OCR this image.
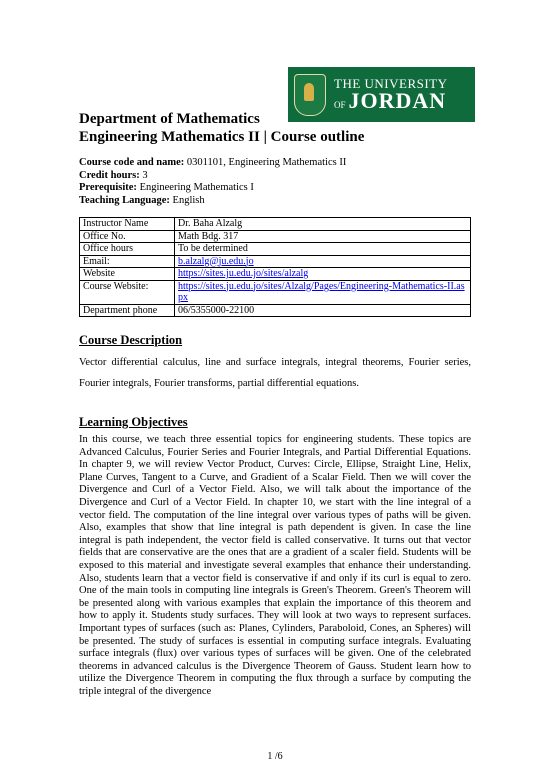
THE UNIVERSITY
OF JORDAN
Department of Mathematics
Engineering Mathematics II | Course outline
Course code and name: 0301101, Engineering Mathematics II
Credit hours: 3
Prerequisite: Engineering Mathematics I
Teaching Language: English
Instructor Name	Dr. Baha Alzalg
Office No.	Math Bdg. 317
Office hours	To be determined
Email:	b.alzalg@ju.edu.jo
Website	https://sites.ju.edu.jo/sites/alzalg
Course Website:	https://sites.ju.edu.jo/sites/Alzalg/Pages/Engineering-Mathematics-II.aspx
Department phone	06/5355000-22100
Course Description
Vector differential calculus, line and surface integrals, integral theorems, Fourier series, Fourier integrals, Fourier transforms, partial differential equations.
Learning Objectives
In this course, we teach three essential topics for engineering students. These topics are Advanced Calculus, Fourier Series and Fourier Integrals, and Partial Differential Equations. In chapter 9, we will review Vector Product, Curves: Circle, Ellipse, Straight Line, Helix, Plane Curves, Tangent to a Curve, and Gradient of a Scalar Field. Then we will cover the Divergence and Curl of a Vector Field. Also, we will talk about the importance of the Divergence and Curl of a Vector Field. In chapter 10, we start with the line integral of a vector field. The computation of the line integral over various types of paths will be given. Also, examples that show that line integral is path dependent is given. In case the line integral is path independent, the vector field is called conservative. It turns out that vector fields that are conservative are the ones that are a gradient of a scaler field. Students will be exposed to this material and investigate several examples that enhance their understanding. Also, students learn that a vector field is conservative if and only if its curl is equal to zero. One of the main tools in computing line integrals is Green's Theorem. Green's Theorem will be presented along with various examples that explain the importance of this theorem and how to apply it. Students study surfaces. They will look at two ways to represent surfaces. Important types of surfaces (such as: Planes, Cylinders, Paraboloid, Cones, an Spheres) will be presented. The study of surfaces is essential in computing surface integrals. Evaluating surface integrals (flux) over various types of surfaces will be given. One of the celebrated theorems in advanced calculus is the Divergence Theorem of Gauss. Student learn how to utilize the Divergence Theorem in computing the flux through a surface by computing the triple integral of the divergence
1 /6
